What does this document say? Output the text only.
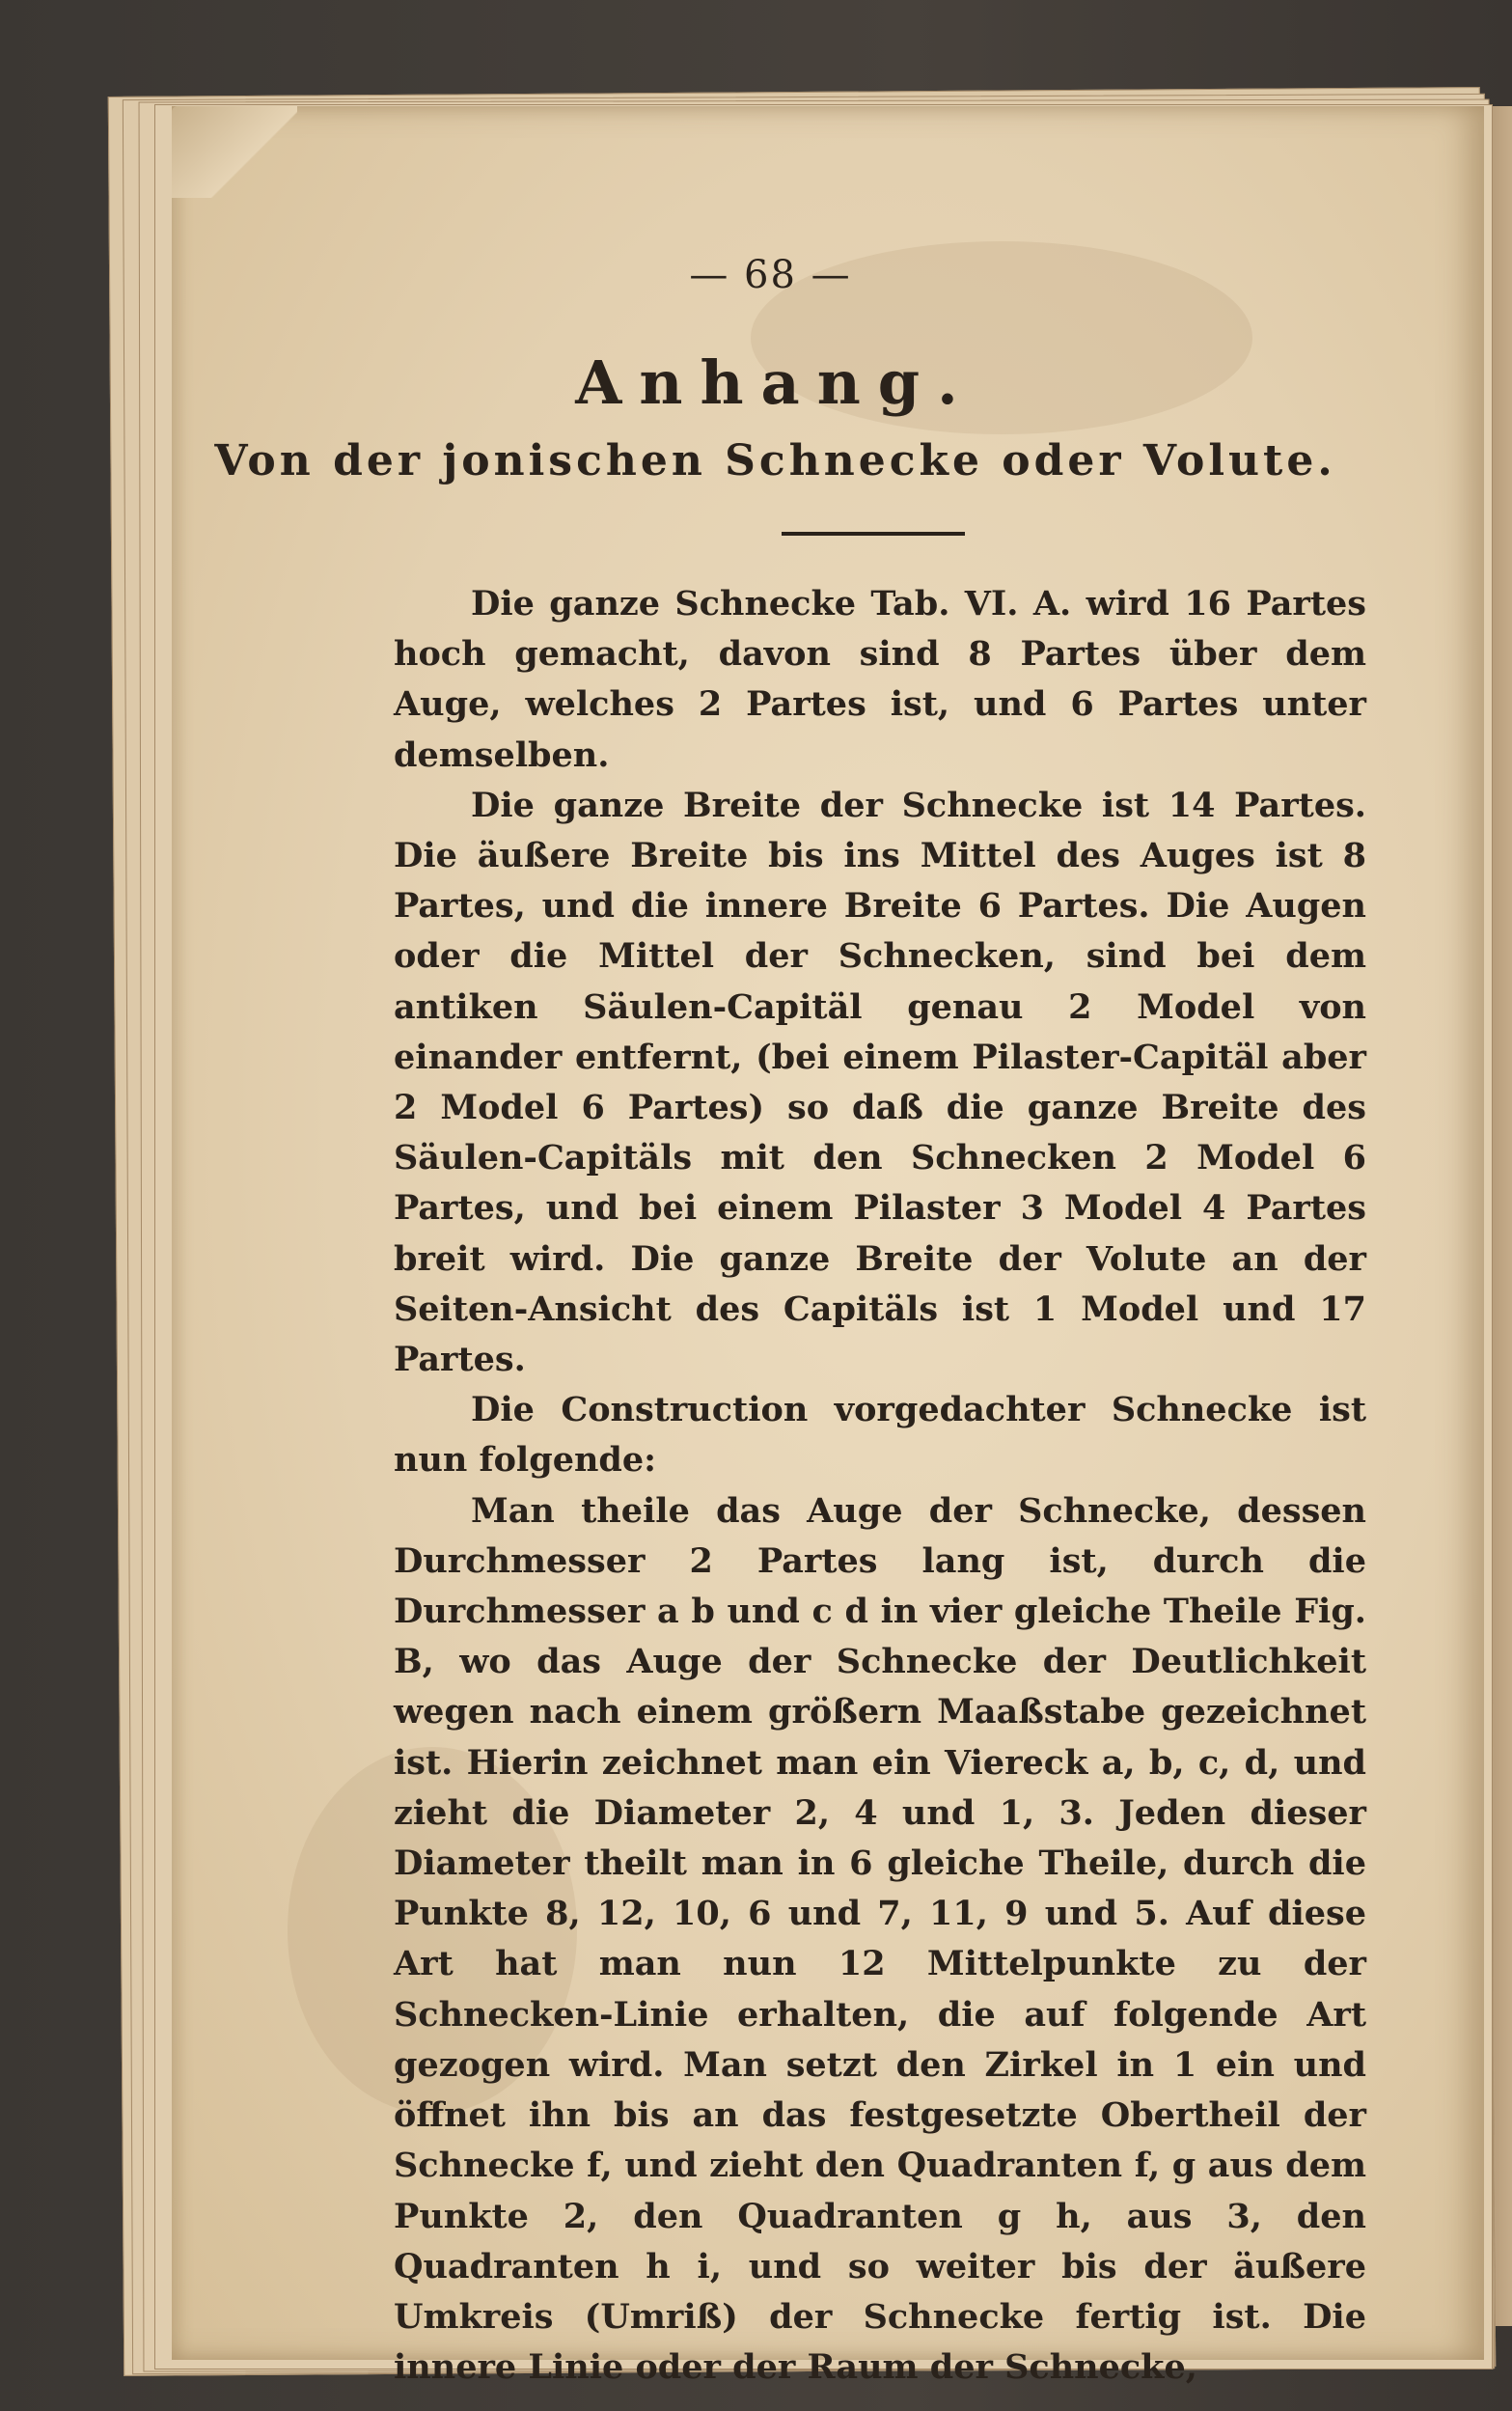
— 68 —
Anhang.
Von der jonischen Schnecke oder Volute.

Die ganze Schnecke Tab. VI. A. wird 16 Partes hoch gemacht, davon sind 8 Partes über dem Auge, welches 2 Partes ist, und 6 Partes unter demselben.

Die ganze Breite der Schnecke ist 14 Partes. Die äußere Breite bis ins Mittel des Auges ist 8 Partes, und die innere Breite 6 Partes. Die Augen oder die Mittel der Schnecken, sind bei dem antiken Säulen-Capitäl genau 2 Model von einander entfernt, (bei einem Pilaster-Capitäl aber 2 Model 6 Partes) so daß die ganze Breite des Säulen-Capitäls mit den Schnecken 2 Model 6 Partes, und bei einem Pilaster 3 Model 4 Partes breit wird. Die ganze Breite der Volute an der Seiten-Ansicht des Capitäls ist 1 Model und 17 Partes.

Die Construction vorgedachter Schnecke ist nun folgende:

Man theile das Auge der Schnecke, dessen Durchmesser 2 Partes lang ist, durch die Durchmesser a b und c d in vier gleiche Theile Fig. B, wo das Auge der Schnecke der Deutlichkeit wegen nach einem größern Maaßstabe gezeichnet ist. Hierin zeichnet man ein Viereck a, b, c, d, und zieht die Diameter 2, 4 und 1, 3. Jeden dieser Diameter theilt man in 6 gleiche Theile, durch die Punkte 8, 12, 10, 6 und 7, 11, 9 und 5. Auf diese Art hat man nun 12 Mittelpunkte zu der Schnecken-Linie erhalten, die auf folgende Art gezogen wird. Man setzt den Zirkel in 1 ein und öffnet ihn bis an das festgesetzte Obertheil der Schnecke f, und zieht den Quadranten f, g aus dem Punkte 2, den Quadranten g h, aus 3, den Quadranten h i, und so weiter bis der äußere Umkreis (Umriß) der Schnecke fertig ist. Die innere Linie oder der Raum der Schnecke,
